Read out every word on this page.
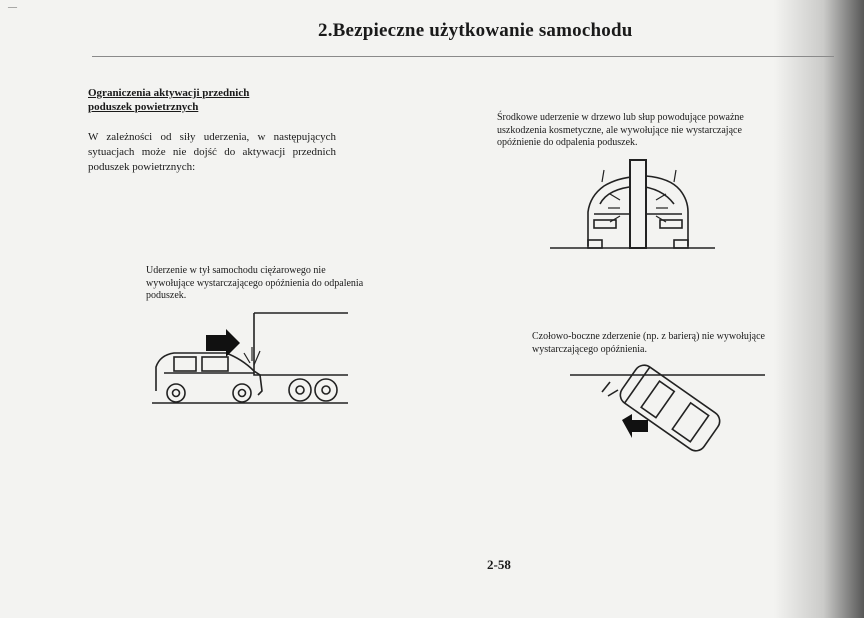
—
2.Bezpieczne użytkowanie samochodu
Ograniczenia aktywacji przednich poduszek powietrznych

W zależności od siły uderzenia, w następujących sytuacjach może nie dojść do aktywacji przednich poduszek powietrznych:

Środkowe uderzenie w drzewo lub słup powodujące poważne uszkodzenia kosmetyczne, ale wywołujące nie wystarczające opóźnienie do odpalenia poduszek.

Uderzenie w tył samochodu ciężarowego nie wywołujące wystarczającego opóźnienia do odpalenia poduszek.

Czołowo-boczne zderzenie (np. z barierą) nie wywołujące wystarczającego opóźnienia.

2-58
